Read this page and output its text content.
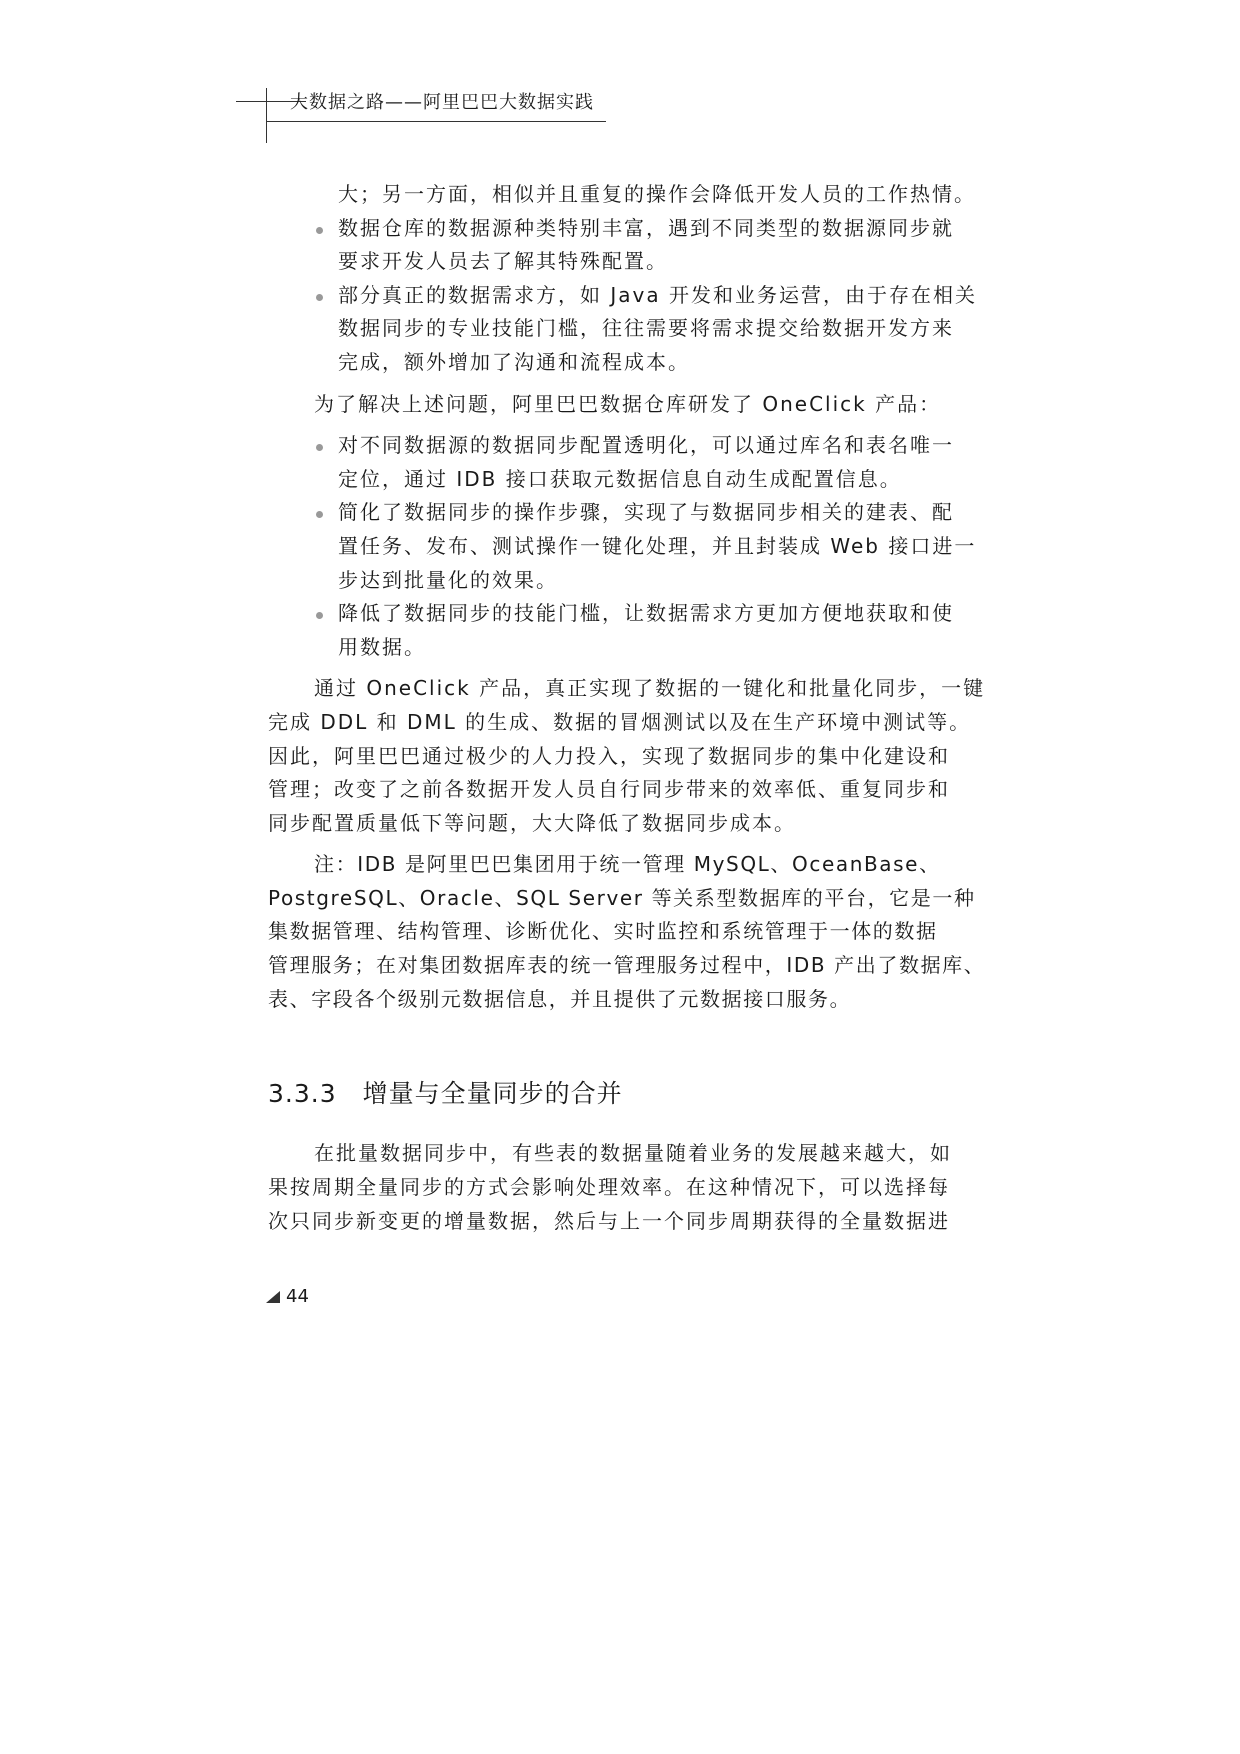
大数据之路——阿里巴巴大数据实践
大；另一方面，相似并且重复的操作会降低开发人员的工作热情。
数据仓库的数据源种类特别丰富，遇到不同类型的数据源同步就
要求开发人员去了解其特殊配置。
部分真正的数据需求方，如 Java 开发和业务运营，由于存在相关
数据同步的专业技能门槛，往往需要将需求提交给数据开发方来
完成，额外增加了沟通和流程成本。
为了解决上述问题，阿里巴巴数据仓库研发了 OneClick 产品：
对不同数据源的数据同步配置透明化，可以通过库名和表名唯一
定位，通过 IDB 接口获取元数据信息自动生成配置信息。
简化了数据同步的操作步骤，实现了与数据同步相关的建表、配
置任务、发布、测试操作一键化处理，并且封装成 Web 接口进一
步达到批量化的效果。
降低了数据同步的技能门槛，让数据需求方更加方便地获取和使
用数据。
通过 OneClick 产品，真正实现了数据的一键化和批量化同步，一键
完成 DDL 和 DML 的生成、数据的冒烟测试以及在生产环境中测试等。
因此，阿里巴巴通过极少的人力投入，实现了数据同步的集中化建设和
管理；改变了之前各数据开发人员自行同步带来的效率低、重复同步和
同步配置质量低下等问题，大大降低了数据同步成本。
注：IDB 是阿里巴巴集团用于统一管理 MySQL、OceanBase、
PostgreSQL、Oracle、SQL Server 等关系型数据库的平台，它是一种
集数据管理、结构管理、诊断优化、实时监控和系统管理于一体的数据
管理服务；在对集团数据库表的统一管理服务过程中，IDB 产出了数据库、
表、字段各个级别元数据信息，并且提供了元数据接口服务。
3.3.3 增量与全量同步的合并
在批量数据同步中，有些表的数据量随着业务的发展越来越大，如
果按周期全量同步的方式会影响处理效率。在这种情况下，可以选择每
次只同步新变更的增量数据，然后与上一个同步周期获得的全量数据进
44
